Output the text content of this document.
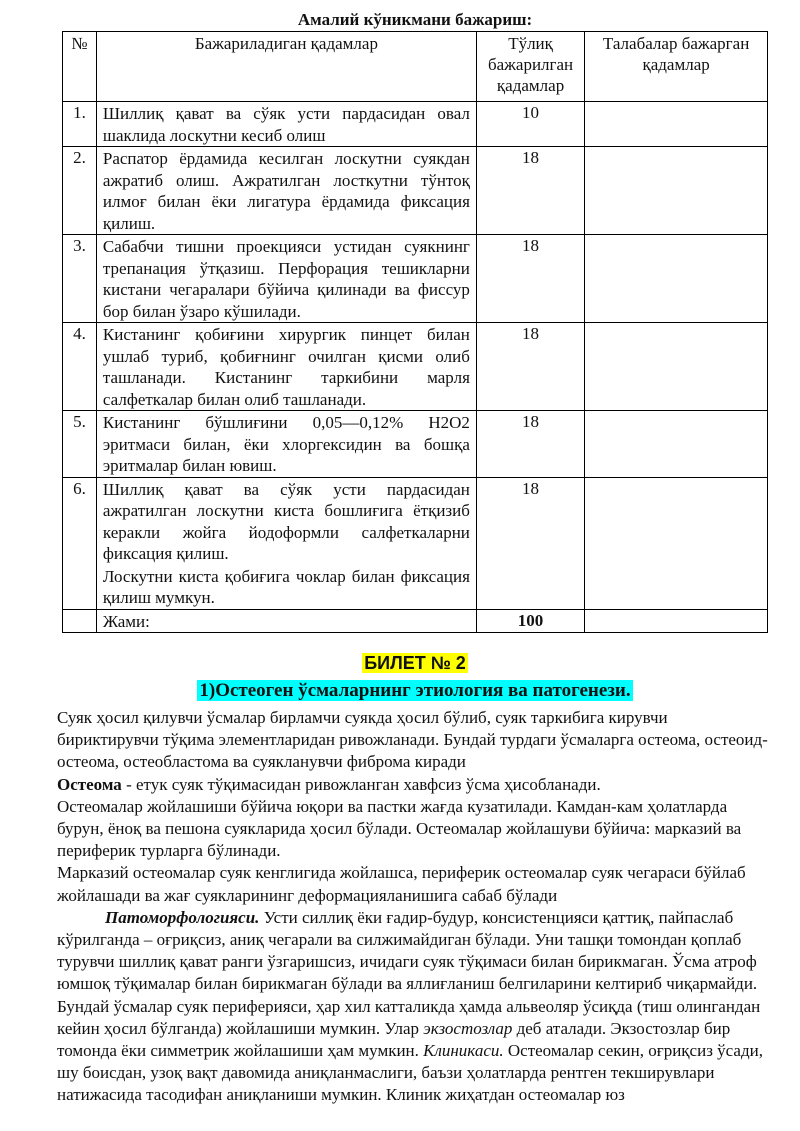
Амалий кўникмани бажариш:
№	Бажариладиган қадамлар	Тўлиқ бажарилган қадамлар	Талабалар бажарган қадамлар
1.	Шиллиқ қават ва сўяк усти пардасидан овал шаклида лоскутни кесиб олиш	10	
2.	Распатор ёрдамида кесилган лоскутни суякдан ажратиб олиш. Ажратилган лосткутни тўнтоқ илмоғ билан ёки лигатура ёрдамида фиксация қилиш.	18	
3.	Сабабчи тишни проекцияси устидан суякнинг трепанация ўтқазиш. Перфорация тешикларни кистани чегаралари бўйича қилинади ва фиссур бор билан ўзаро кўшилади.	18	
4.	Кистанинг қобиғини хирургик пинцет билан ушлаб туриб, қобиғнинг очилган қисми олиб ташланади. Кистанинг таркибини марля салфеткалар билан олиб ташланади.	18	
5.	Кистанинг бўшлиғини 0,05—0,12% Н2О2 эритмаси билан, ёки хлоргексидин ва бошқа эритмалар билан ювиш.	18	
6.	Шиллиқ қават ва сўяк усти пардасидан ажратилган лоскутни киста бошлиғига ётқизиб керакли жойга йодоформли салфеткаларни фиксация қилиш.
Лоскутни киста қобиғига чоклар билан фиксация қилиш мумкун.	18	

	Жами:	100	
БИЛЕТ № 2
1)Остеоген ўсмаларнинг этиология ва патогенези.

Суяк ҳосил қилувчи ўсмалар бирламчи суякда ҳосил бўлиб, суяк таркибига кирувчи бириктирувчи тўқима элементларидан ривожланади. Бундай турдаги ўсмаларга остеома, остеоид-остеома, остеобластома ва суякланувчи фиброма киради

Остеома - етук суяк тўқимасидан ривожланган хавфсиз ўсма ҳисобланади.

Остеомалар жойлашиши бўйича юқори ва пастки жағда кузатилади. Камдан-кам ҳолатларда бурун, ёноқ ва пешона суякларида ҳосил бўлади. Остеомалар жойлашуви бўйича: марказий ва периферик турларга бўлинади.

Марказий остеомалар суяк кенглигида жойлашса, периферик остеомалар суяк чегараси бўйлаб жойлашади ва жағ суякларининг деформацияланишига сабаб бўлади

Патоморфологияси. Усти силлиқ ёки ғадир-будур, консистенцияси қаттиқ, пайпаслаб кўрилганда – оғриқсиз, аниқ чегарали ва силжимайдиган бўлади. Уни ташқи томондан қоплаб турувчи шиллиқ қават ранги ўзгаришсиз, ичидаги суяк тўқимаси билан бирикмаган. Ўсма атроф юмшоқ тўқималар билан бирикмаган бўлади ва яллиғланиш белгиларини келтириб чиқармайди. Бундай ўсмалар суяк периферияси, ҳар хил катталикда ҳамда альвеоляр ўсиқда (тиш олингандан кейин ҳосил бўлганда) жойлашиши мумкин. Улар экзостозлар деб аталади. Экзостозлар бир томонда ёки симметрик жойлашиши ҳам мумкин. Клиникаси. Остеомалар секин, оғриқсиз ўсади, шу боисдан, узоқ вақт давомида аниқланмаслиги, баъзи ҳолатларда рентген текширувлари натижасида тасодифан аниқланиши мумкин. Клиник жиҳатдан остеомалар юз
